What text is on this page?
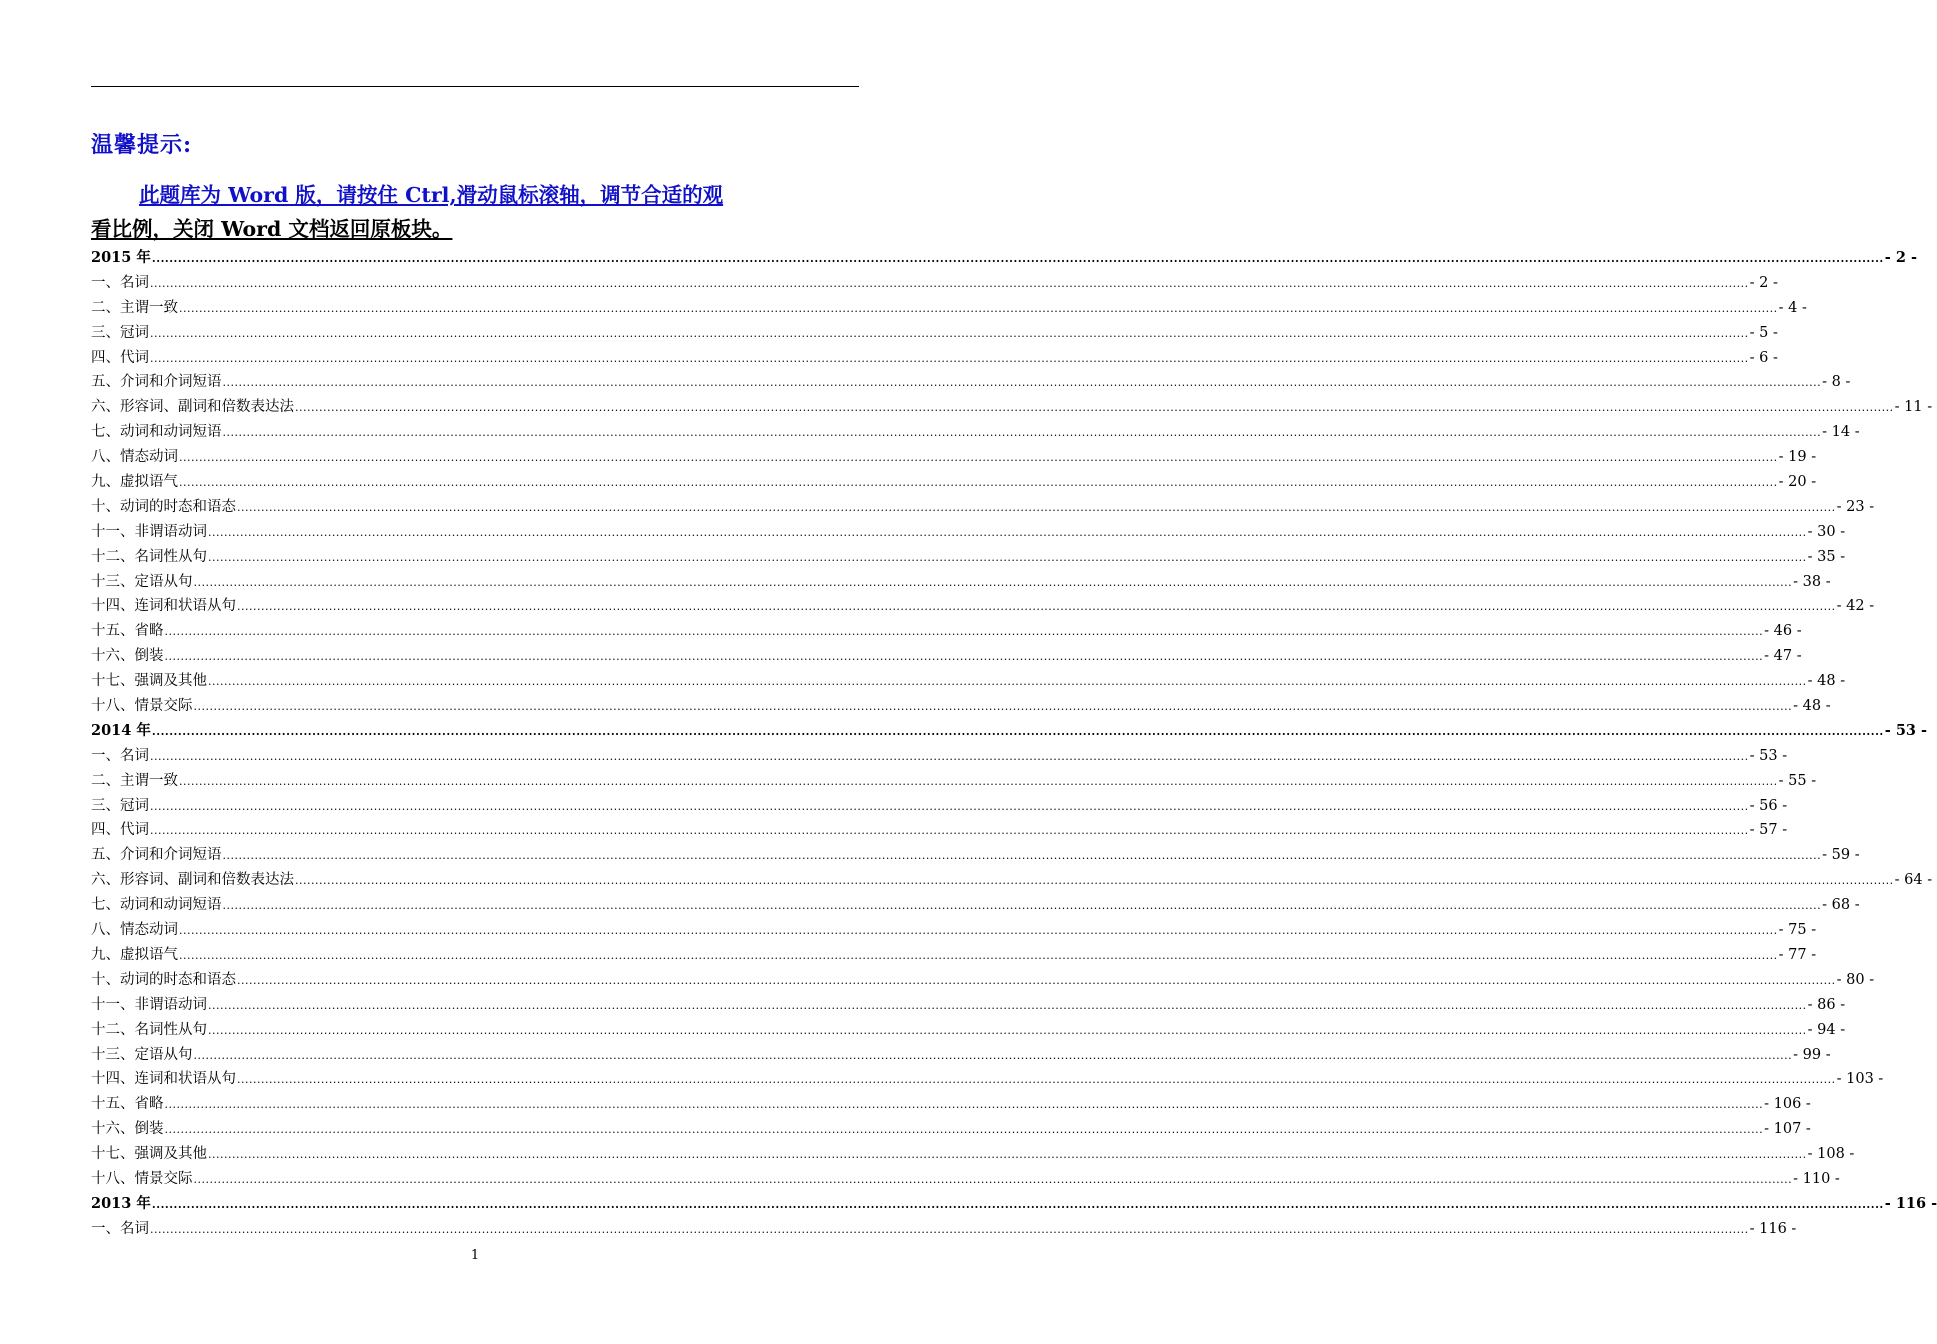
温馨提示:
此题库为 Word 版，请按住 Ctrl,滑动鼠标滚轴，调节合适的观
看比例，关闭 Word 文档返回原板块。
2015 年 ................................................................................................................................................................................................................................................................................................................................................................................................................ - 2 -
一、名词 ................................................................................................................................................................................................................................................................................................................................................................................................................ - 2 -
二、主谓一致 ................................................................................................................................................................................................................................................................................................................................................................................................................ - 4 -
三、冠词 ................................................................................................................................................................................................................................................................................................................................................................................................................ - 5 -
四、代词 ................................................................................................................................................................................................................................................................................................................................................................................................................ - 6 -
五、介词和介词短语 ................................................................................................................................................................................................................................................................................................................................................................................................................ - 8 -
六、形容词、副词和倍数表达法 ................................................................................................................................................................................................................................................................................................................................................................................................................ - 11 -
七、动词和动词短语 ................................................................................................................................................................................................................................................................................................................................................................................................................ - 14 -
八、情态动词 ................................................................................................................................................................................................................................................................................................................................................................................................................ - 19 -
九、虚拟语气 ................................................................................................................................................................................................................................................................................................................................................................................................................ - 20 -
十、动词的时态和语态 ................................................................................................................................................................................................................................................................................................................................................................................................................ - 23 -
十一、非谓语动词 ................................................................................................................................................................................................................................................................................................................................................................................................................ - 30 -
十二、名词性从句 ................................................................................................................................................................................................................................................................................................................................................................................................................ - 35 -
十三、定语从句 ................................................................................................................................................................................................................................................................................................................................................................................................................ - 38 -
十四、连词和状语从句 ................................................................................................................................................................................................................................................................................................................................................................................................................ - 42 -
十五、省略 ................................................................................................................................................................................................................................................................................................................................................................................................................ - 46 -
十六、倒装 ................................................................................................................................................................................................................................................................................................................................................................................................................ - 47 -
十七、强调及其他 ................................................................................................................................................................................................................................................................................................................................................................................................................ - 48 -
十八、情景交际 ................................................................................................................................................................................................................................................................................................................................................................................................................ - 48 -
2014 年 ................................................................................................................................................................................................................................................................................................................................................................................................................ - 53 -
一、名词 ................................................................................................................................................................................................................................................................................................................................................................................................................ - 53 -
二、主谓一致 ................................................................................................................................................................................................................................................................................................................................................................................................................ - 55 -
三、冠词 ................................................................................................................................................................................................................................................................................................................................................................................................................ - 56 -
四、代词 ................................................................................................................................................................................................................................................................................................................................................................................................................ - 57 -
五、介词和介词短语 ................................................................................................................................................................................................................................................................................................................................................................................................................ - 59 -
六、形容词、副词和倍数表达法 ................................................................................................................................................................................................................................................................................................................................................................................................................ - 64 -
七、动词和动词短语 ................................................................................................................................................................................................................................................................................................................................................................................................................ - 68 -
八、情态动词 ................................................................................................................................................................................................................................................................................................................................................................................................................ - 75 -
九、虚拟语气 ................................................................................................................................................................................................................................................................................................................................................................................................................ - 77 -
十、动词的时态和语态 ................................................................................................................................................................................................................................................................................................................................................................................................................ - 80 -
十一、非谓语动词 ................................................................................................................................................................................................................................................................................................................................................................................................................ - 86 -
十二、名词性从句 ................................................................................................................................................................................................................................................................................................................................................................................................................ - 94 -
十三、定语从句 ................................................................................................................................................................................................................................................................................................................................................................................................................ - 99 -
十四、连词和状语从句 ................................................................................................................................................................................................................................................................................................................................................................................................................ - 103 -
十五、省略 ................................................................................................................................................................................................................................................................................................................................................................................................................ - 106 -
十六、倒装 ................................................................................................................................................................................................................................................................................................................................................................................................................ - 107 -
十七、强调及其他 ................................................................................................................................................................................................................................................................................................................................................................................................................ - 108 -
十八、情景交际 ................................................................................................................................................................................................................................................................................................................................................................................................................ - 110 -
2013 年 ................................................................................................................................................................................................................................................................................................................................................................................................................ - 116 -
一、名词 ................................................................................................................................................................................................................................................................................................................................................................................................................ - 116 -
1
